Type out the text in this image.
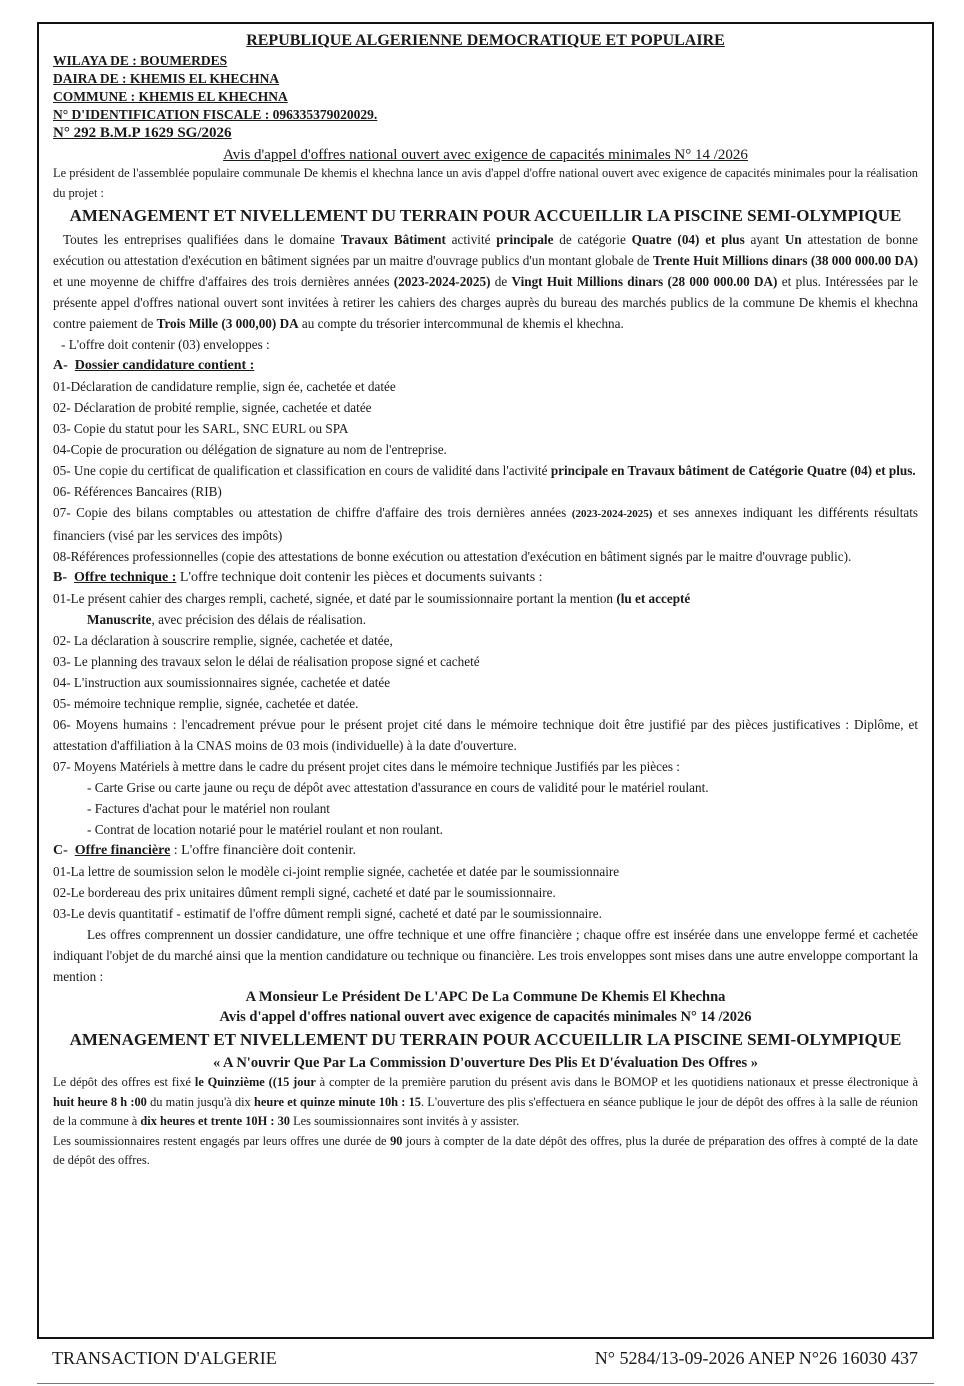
REPUBLIQUE ALGERIENNE DEMOCRATIQUE ET POPULAIRE
WILAYA DE : BOUMERDES
DAIRA DE : KHEMIS EL KHECHNA
COMMUNE : KHEMIS EL KHECHNA
N° D'IDENTIFICATION FISCALE : 096335379020029.
N° 292 B.M.P 1629 SG/2026
Avis d'appel d'offres national ouvert avec exigence de capacités minimales N° 14 /2026

Le président de l'assemblée populaire communale De khemis el khechna lance un avis d'appel d'offre national ouvert avec exigence de capacités minimales pour la réalisation du projet :

AMENAGEMENT ET NIVELLEMENT DU TERRAIN POUR ACCUEILLIR LA PISCINE SEMI-OLYMPIQUE

Toutes les entreprises qualifiées dans le domaine Travaux Bâtiment activité principale de catégorie Quatre (04) et plus ayant Un attestation de bonne exécution ou attestation d'exécution en bâtiment signées par un maitre d'ouvrage publics d'un montant globale de Trente Huit Millions dinars (38 000 000.00 DA) et une moyenne de chiffre d'affaires des trois dernières années (2023-2024-2025) de Vingt Huit Millions dinars (28 000 000.00 DA) et plus. Intéressées par le présente appel d'offres national ouvert sont invitées à retirer les cahiers des charges auprès du bureau des marchés publics de la commune De khemis el khechna contre paiement de Trois Mille (3 000,00) DA au compte du trésorier intercommunal de khemis el khechna.

- L'offre doit contenir (03) enveloppes :
A- Dossier candidature contient :
01-Déclaration de candidature remplie, sign ée, cachetée et datée
02- Déclaration de probité remplie, signée, cachetée et datée
03- Copie du statut pour les SARL, SNC EURL ou SPA
04-Copie de procuration ou délégation de signature au nom de l'entreprise.

05- Une copie du certificat de qualification et classification en cours de validité dans l'activité principale en Travaux bâtiment de Catégorie Quatre (04) et plus.

06- Références Bancaires (RIB)

07- Copie des bilans comptables ou attestation de chiffre d'affaire des trois dernières années (2023-2024-2025) et ses annexes indiquant les différents résultats financiers (visé par les services des impôts)

08-Références professionnelles (copie des attestations de bonne exécution ou attestation d'exécution en bâtiment signés par le maitre d'ouvrage public).

B- Offre technique : L'offre technique doit contenir les pièces et documents suivants :
01-Le présent cahier des charges rempli, cacheté, signée, et daté par le soumissionnaire portant la mention (lu et accepté
Manuscrite, avec précision des délais de réalisation.
02- La déclaration à souscrire remplie, signée, cachetée et datée,
03- Le planning des travaux selon le délai de réalisation propose signé et cacheté
04- L'instruction aux soumissionnaires signée, cachetée et datée
05- mémoire technique remplie, signée, cachetée et datée.

06- Moyens humains : l'encadrement prévue pour le présent projet cité dans le mémoire technique doit être justifié par des pièces justificatives : Diplôme, et attestation d'affiliation à la CNAS moins de 03 mois (individuelle) à la date d'ouverture.

07- Moyens Matériels à mettre dans le cadre du présent projet cites dans le mémoire technique Justifiés par les pièces :
- Carte Grise ou carte jaune ou reçu de dépôt avec attestation d'assurance en cours de validité pour le matériel roulant.
- Factures d'achat pour le matériel non roulant
- Contrat de location notarié pour le matériel roulant et non roulant.
C- Offre financière : L'offre financière doit contenir.
01-La lettre de soumission selon le modèle ci-joint remplie signée, cachetée et datée par le soumissionnaire
02-Le bordereau des prix unitaires dûment rempli signé, cacheté et daté par le soumissionnaire.
03-Le devis quantitatif - estimatif de l'offre dûment rempli signé, cacheté et daté par le soumissionnaire.

Les offres comprennent un dossier candidature, une offre technique et une offre financière ; chaque offre est insérée dans une enveloppe fermé et cachetée indiquant l'objet de du marché ainsi que la mention candidature ou technique ou financière. Les trois enveloppes sont mises dans une autre enveloppe comportant la mention :

A Monsieur Le Président De L'APC De La Commune De Khemis El Khechna
Avis d'appel d'offres national ouvert avec exigence de capacités minimales N° 14 /2026
AMENAGEMENT ET NIVELLEMENT DU TERRAIN POUR ACCUEILLIR LA PISCINE SEMI-OLYMPIQUE
« A N'ouvrir Que Par La Commission D'ouverture Des Plis Et D'évaluation Des Offres »

Le dépôt des offres est fixé le Quinzième ((15 jour à compter de la première parution du présent avis dans le BOMOP et les quotidiens nationaux et presse électronique à huit heure 8 h :00 du matin jusqu'à dix heure et quinze minute 10h : 15. L'ouverture des plis s'effectuera en séance publique le jour de dépôt des offres à la salle de réunion de la commune à dix heures et trente 10H : 30 Les soumissionnaires sont invités à y assister.

Les soumissionnaires restent engagés par leurs offres une durée de 90 jours à compter de la date dépôt des offres, plus la durée de préparation des offres à compté de la date de dépôt des offres.

TRANSACTION D'ALGERIE	N° 5284/13-09-2026 ANEP N°26 16030 437
